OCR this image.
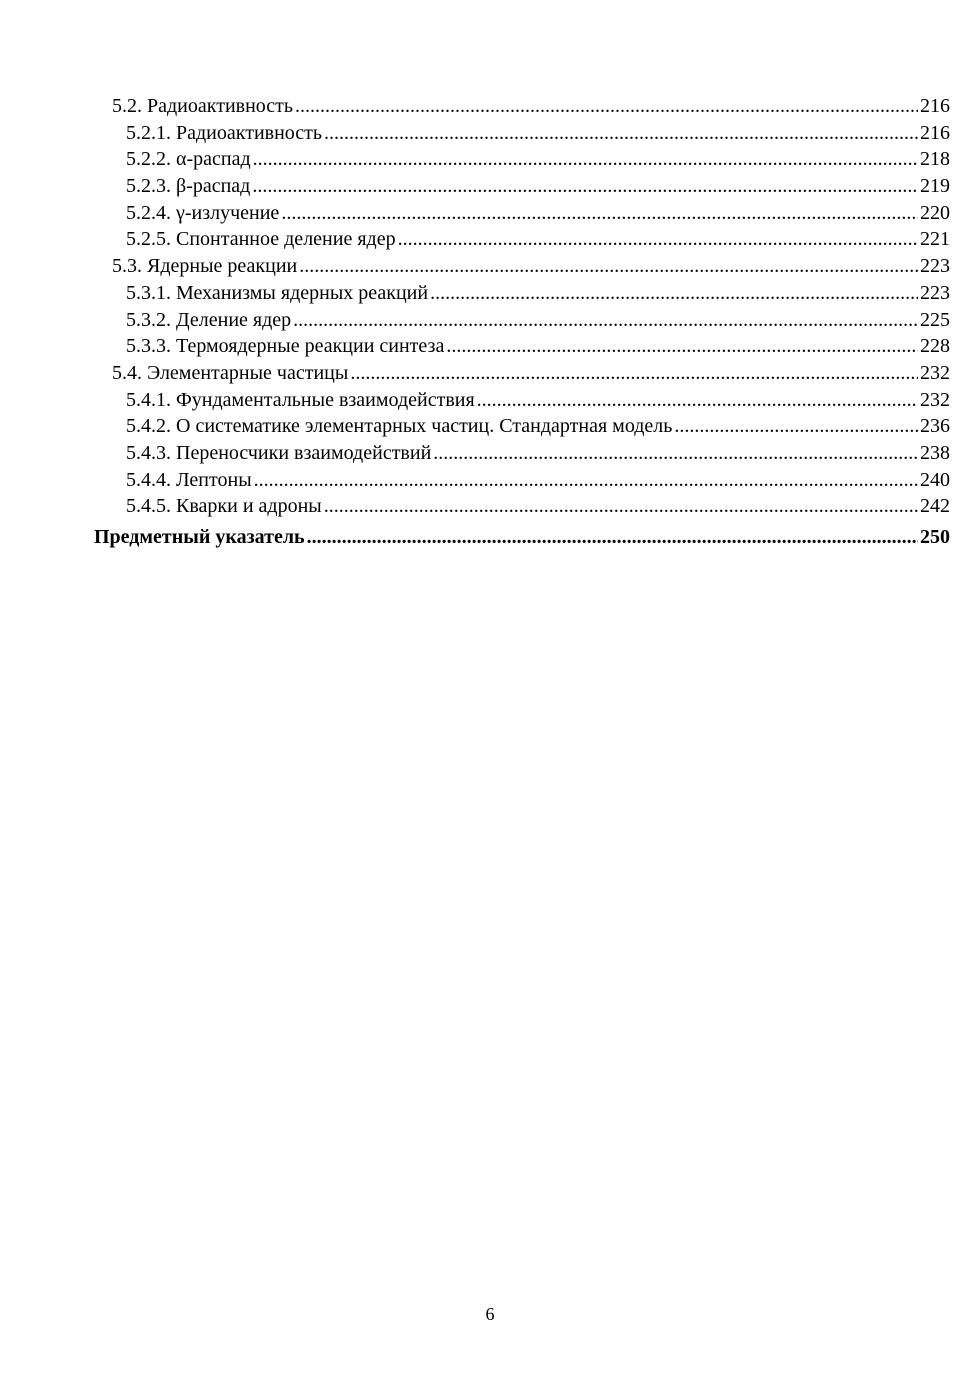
5.2. Радиоактивность .....	216
5.2.1. Радиоактивность .....	216
5.2.2. α-распад .....	218
5.2.3. β-распад .....	219
5.2.4. γ-излучение .....	220
5.2.5. Спонтанное деление ядер .....	221
5.3. Ядерные реакции .....	223
5.3.1. Механизмы ядерных реакций .....	223
5.3.2. Деление ядер .....	225
5.3.3. Термоядерные реакции синтеза .....	228
5.4. Элементарные частицы .....	232
5.4.1. Фундаментальные взаимодействия .....	232
5.4.2. О систематике элементарных частиц. Стандартная модель .....	236
5.4.3. Переносчики взаимодействий .....	238
5.4.4. Лептоны .....	240
5.4.5. Кварки и адроны .....	242
Предметный указатель .....	250
6
